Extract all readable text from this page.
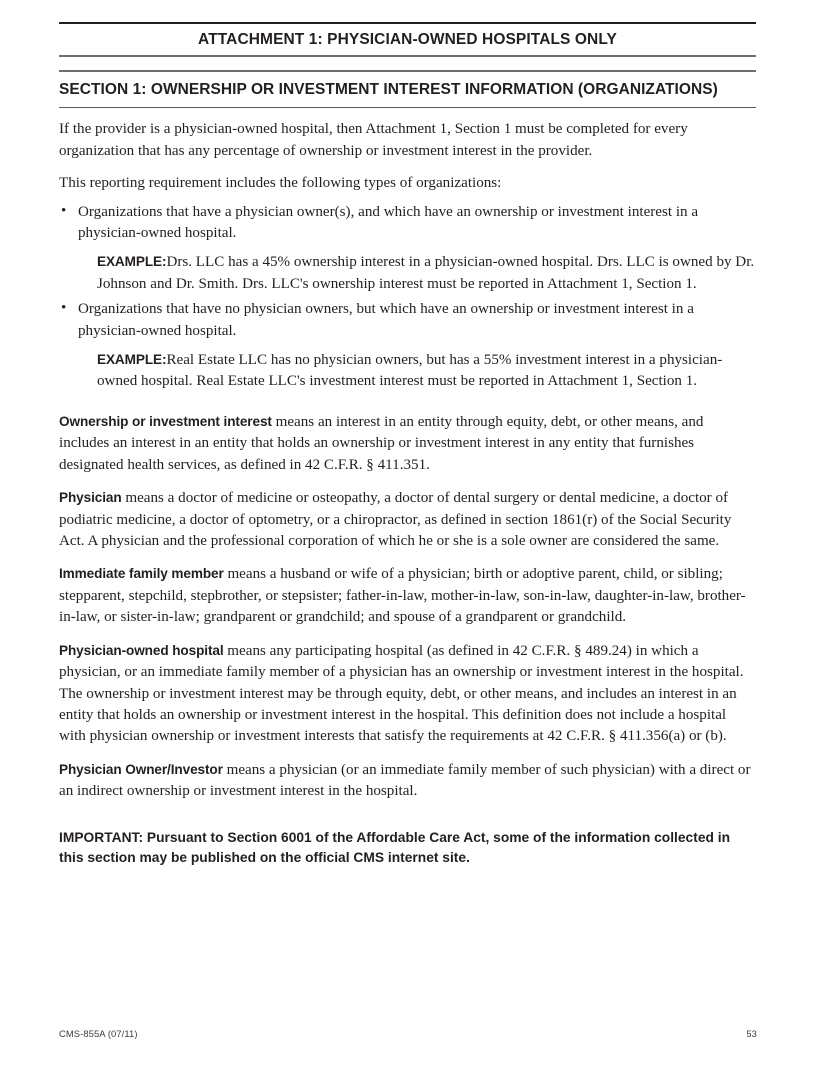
ATTACHMENT 1: PHYSICIAN-OWNED HOSPITALS ONLY
SECTION 1: OWNERSHIP OR INVESTMENT INTEREST INFORMATION (ORGANIZATIONS)

If the provider is a physician-owned hospital, then Attachment 1, Section 1 must be completed for every organization that has any percentage of ownership or investment interest in the provider.

This reporting requirement includes the following types of organizations:

• Organizations that have a physician owner(s), and which have an ownership or investment interest in a physician-owned hospital.
EXAMPLE:Drs. LLC has a 45% ownership interest in a physician-owned hospital. Drs. LLC is owned by Dr. Johnson and Dr. Smith. Drs. LLC's ownership interest must be reported in Attachment 1, Section 1.
• Organizations that have no physician owners, but which have an ownership or investment interest in a physician-owned hospital.
EXAMPLE:Real Estate LLC has no physician owners, but has a 55% investment interest in a physician-owned hospital. Real Estate LLC's investment interest must be reported in Attachment 1, Section 1.

Ownership or investment interest means an interest in an entity through equity, debt, or other means, and includes an interest in an entity that holds an ownership or investment interest in any entity that furnishes designated health services, as defined in 42 C.F.R. § 411.351.

Physician means a doctor of medicine or osteopathy, a doctor of dental surgery or dental medicine, a doctor of podiatric medicine, a doctor of optometry, or a chiropractor, as defined in section 1861(r) of the Social Security Act. A physician and the professional corporation of which he or she is a sole owner are considered the same.

Immediate family member means a husband or wife of a physician; birth or adoptive parent, child, or sibling; stepparent, stepchild, stepbrother, or stepsister; father-in-law, mother-in-law, son-in-law, daughter-in-law, brother-in-law, or sister-in-law; grandparent or grandchild; and spouse of a grandparent or grandchild.

Physician-owned hospital means any participating hospital (as defined in 42 C.F.R. § 489.24) in which a physician, or an immediate family member of a physician has an ownership or investment interest in the hospital. The ownership or investment interest may be through equity, debt, or other means, and includes an interest in an entity that holds an ownership or investment interest in the hospital. This definition does not include a hospital with physician ownership or investment interests that satisfy the requirements at 42 C.F.R. § 411.356(a) or (b).

Physician Owner/Investor means a physician (or an immediate family member of such physician) with a direct or an indirect ownership or investment interest in the hospital.

IMPORTANT: Pursuant to Section 6001 of the Affordable Care Act, some of the information collected in this section may be published on the official CMS internet site.
CMS-855A (07/11)	53
